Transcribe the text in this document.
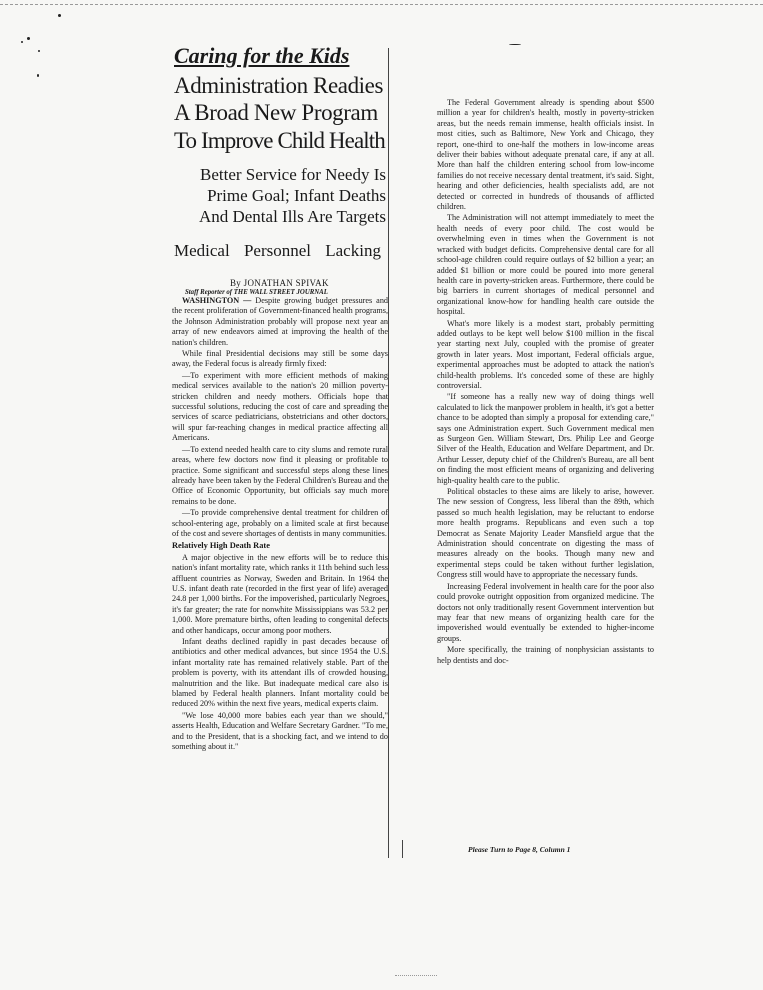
Caring for the Kids
Administration Readies
A Broad New Program
To Improve Child Health
Better Service for Needy Is
Prime Goal; Infant Deaths
And Dental Ills Are Targets
Medical Personnel Lacking
By JONATHAN SPIVAK
Staff Reporter of THE WALL STREET JOURNAL

WASHINGTON — Despite growing budget pressures and the recent proliferation of Government-financed health programs, the Johnson Administration probably will propose next year an array of new endeavors aimed at improving the health of the nation's children.

While final Presidential decisions may still be some days away, the Federal focus is already firmly fixed:

—To experiment with more efficient methods of making medical services available to the nation's 20 million poverty-stricken children and needy mothers. Officials hope that successful solutions, reducing the cost of care and spreading the services of scarce pediatricians, obstetricians and other doctors, will spur far-reaching changes in medical practice affecting all Americans.

—To extend needed health care to city slums and remote rural areas, where few doctors now find it pleasing or profitable to practice. Some significant and successful steps along these lines already have been taken by the Federal Children's Bureau and the Office of Economic Opportunity, but officials say much more remains to be done.

—To provide comprehensive dental treatment for children of school-entering age, probably on a limited scale at first because of the cost and severe shortages of dentists in many communities.

Relatively High Death Rate

A major objective in the new efforts will be to reduce this nation's infant mortality rate, which ranks it 11th behind such less affluent countries as Norway, Sweden and Britain. In 1964 the U.S. infant death rate (recorded in the first year of life) averaged 24.8 per 1,000 births. For the impoverished, particularly Negroes, it's far greater; the rate for nonwhite Mississippians was 53.2 per 1,000. More premature births, often leading to congenital defects and other handicaps, occur among poor mothers.

Infant deaths declined rapidly in past decades because of antibiotics and other medical advances, but since 1954 the U.S. infant mortality rate has remained relatively stable. Part of the problem is poverty, with its attendant ills of crowded housing, malnutrition and the like. But inadequate medical care also is blamed by Federal health planners. Infant mortality could be reduced 20% within the next five years, medical experts claim.

"We lose 40,000 more babies each year than we should," asserts Health, Education and Welfare Secretary Gardner. "To me, and to the President, that is a shocking fact, and we intend to do something about it."

The Federal Government already is spending about $500 million a year for children's health, mostly in poverty-stricken areas, but the needs remain immense, health officials insist. In most cities, such as Baltimore, New York and Chicago, they report, one-third to one-half the mothers in low-income areas deliver their babies without adequate prenatal care, if any at all. More than half the children entering school from low-income families do not receive necessary dental treatment, it's said. Sight, hearing and other deficiencies, health specialists add, are not detected or corrected in hundreds of thousands of afflicted children.

The Administration will not attempt immediately to meet the health needs of every poor child. The cost would be overwhelming even in times when the Government is not wracked with budget deficits. Comprehensive dental care for all school-age children could require outlays of $2 billion a year; an added $1 billion or more could be poured into more general health care in poverty-stricken areas. Furthermore, there could be big barriers in current shortages of medical personnel and organizational know-how for handling health care outside the hospital.

What's more likely is a modest start, probably permitting added outlays to be kept well below $100 million in the fiscal year starting next July, coupled with the promise of greater growth in later years. Most important, Federal officials argue, experimental approaches must be adopted to attack the nation's child-health problems. It's conceded some of these are highly controversial.

"If someone has a really new way of doing things well calculated to lick the manpower problem in health, it's got a better chance to be adopted than simply a proposal for extending care," says one Administration expert. Such Government medical men as Surgeon Gen. William Stewart, Drs. Philip Lee and George Silver of the Health, Education and Welfare Department, and Dr. Arthur Lesser, deputy chief of the Children's Bureau, are all bent on finding the most efficient means of organizing and delivering high-quality health care to the public.

Political obstacles to these aims are likely to arise, however. The new session of Congress, less liberal than the 89th, which passed so much health legislation, may be reluctant to endorse more health programs. Republicans and even such a top Democrat as Senate Majority Leader Mansfield argue that the Administration should concentrate on digesting the mass of measures already on the books. Though many new and experimental steps could be taken without further legislation, Congress still would have to appropriate the necessary funds.

Increasing Federal involvement in health care for the poor also could provoke outright opposition from organized medicine. The doctors not only traditionally resent Government intervention but may fear that new means of organizing health care for the impoverished would eventually be extended to higher-income groups.

More specifically, the training of nonphysician assistants to help dentists and doc-

Please Turn to Page 8, Column 1
